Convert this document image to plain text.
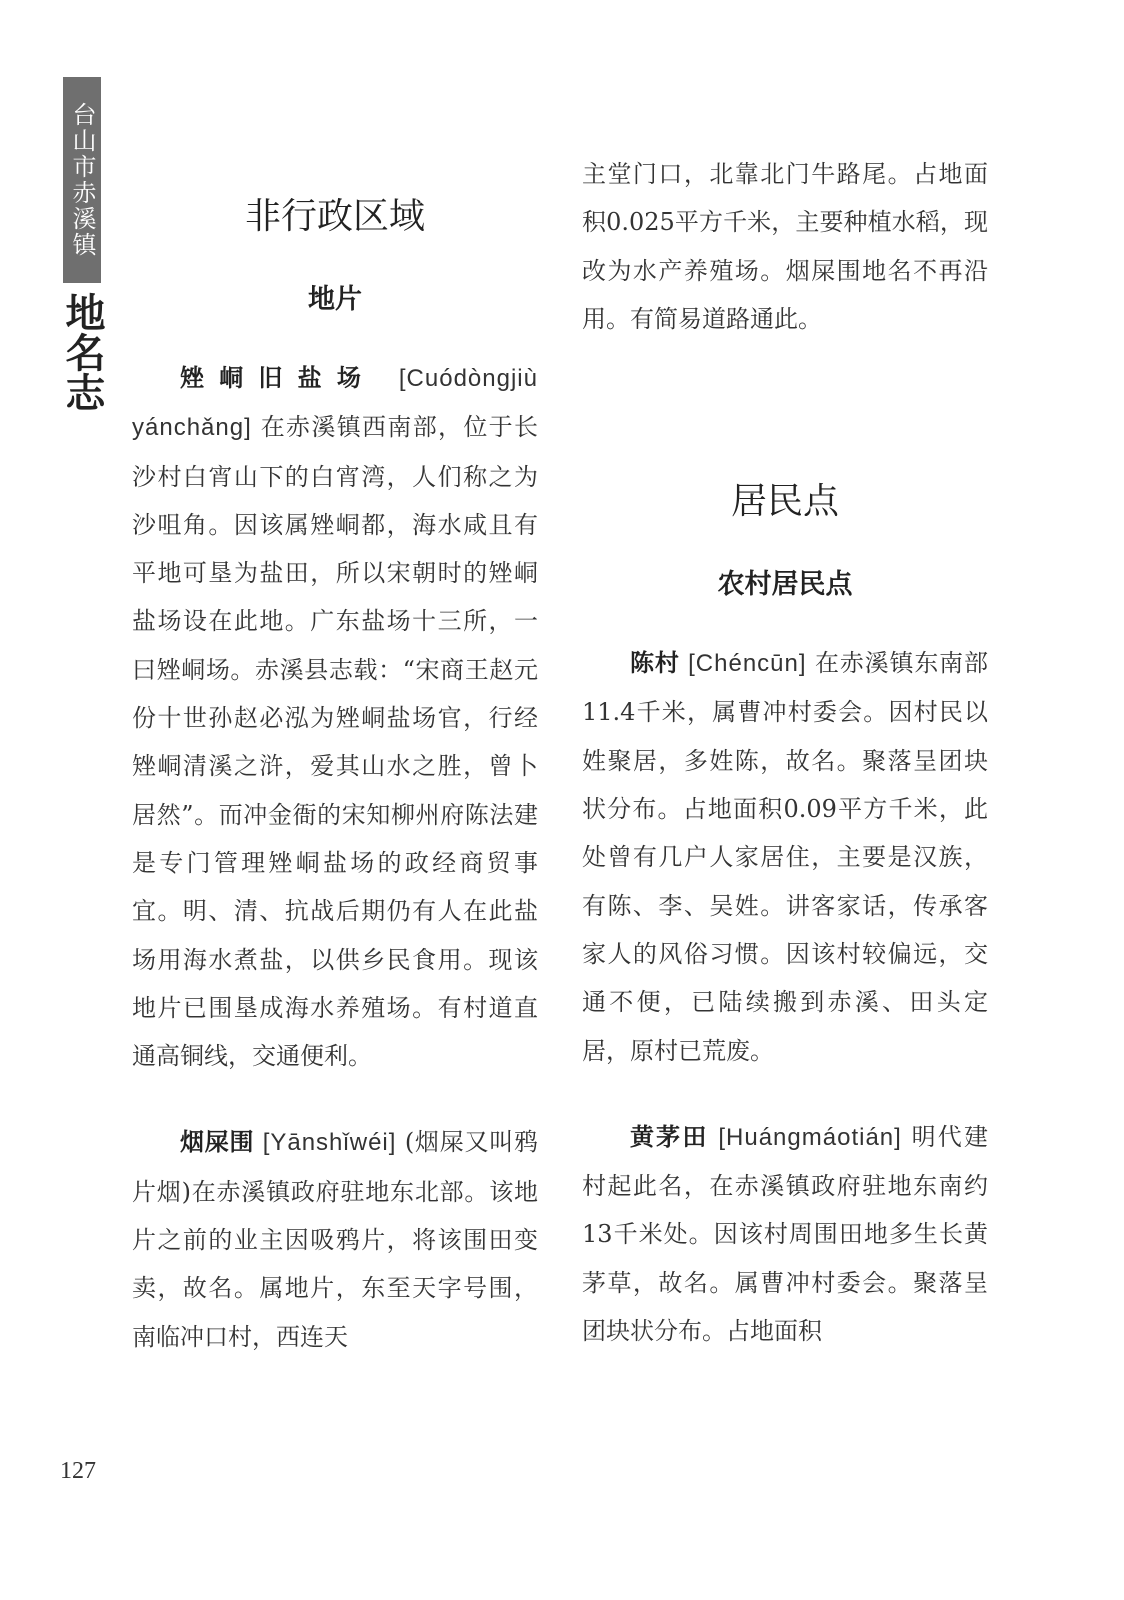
台山市赤溪镇
地名志
非行政区域
地片

矬峒旧盐场 [Cuódòngjiù yánchǎng] 在赤溪镇西南部，位于长沙村白宵山下的白宵湾，人们称之为沙咀角。因该属矬峒都，海水咸且有平地可垦为盐田，所以宋朝时的矬峒盐场设在此地。广东盐场十三所，一曰矬峒场。赤溪县志载：“宋商王赵元份十世孙赵必泓为矬峒盐场官，行经矬峒清溪之浒，爱其山水之胜，曾卜居然”。而冲金衙的宋知柳州府陈法建是专门管理矬峒盐场的政经商贸事宜。明、清、抗战后期仍有人在此盐场用海水煮盐，以供乡民食用。现该地片已围垦成海水养殖场。有村道直通高铜线，交通便利。

烟屎围 [Yānshǐwéi] (烟屎又叫鸦片烟)在赤溪镇政府驻地东北部。该地片之前的业主因吸鸦片，将该围田变卖，故名。属地片，东至天字号围，南临冲口村，西连天

主堂门口，北靠北门牛路尾。占地面积0.025平方千米，主要种植水稻，现改为水产养殖场。烟屎围地名不再沿用。有简易道路通此。

居民点
农村居民点

陈村 [Chéncūn] 在赤溪镇东南部11.4千米，属曹冲村委会。因村民以姓聚居，多姓陈，故名。聚落呈团块状分布。占地面积0.09平方千米，此处曾有几户人家居住，主要是汉族，有陈、李、吴姓。讲客家话，传承客家人的风俗习惯。因该村较偏远，交通不便，已陆续搬到赤溪、田头定居，原村已荒废。

黄茅田 [Huángmáotián] 明代建村起此名，在赤溪镇政府驻地东南约13千米处。因该村周围田地多生长黄茅草，故名。属曹冲村委会。聚落呈团块状分布。占地面积

127
